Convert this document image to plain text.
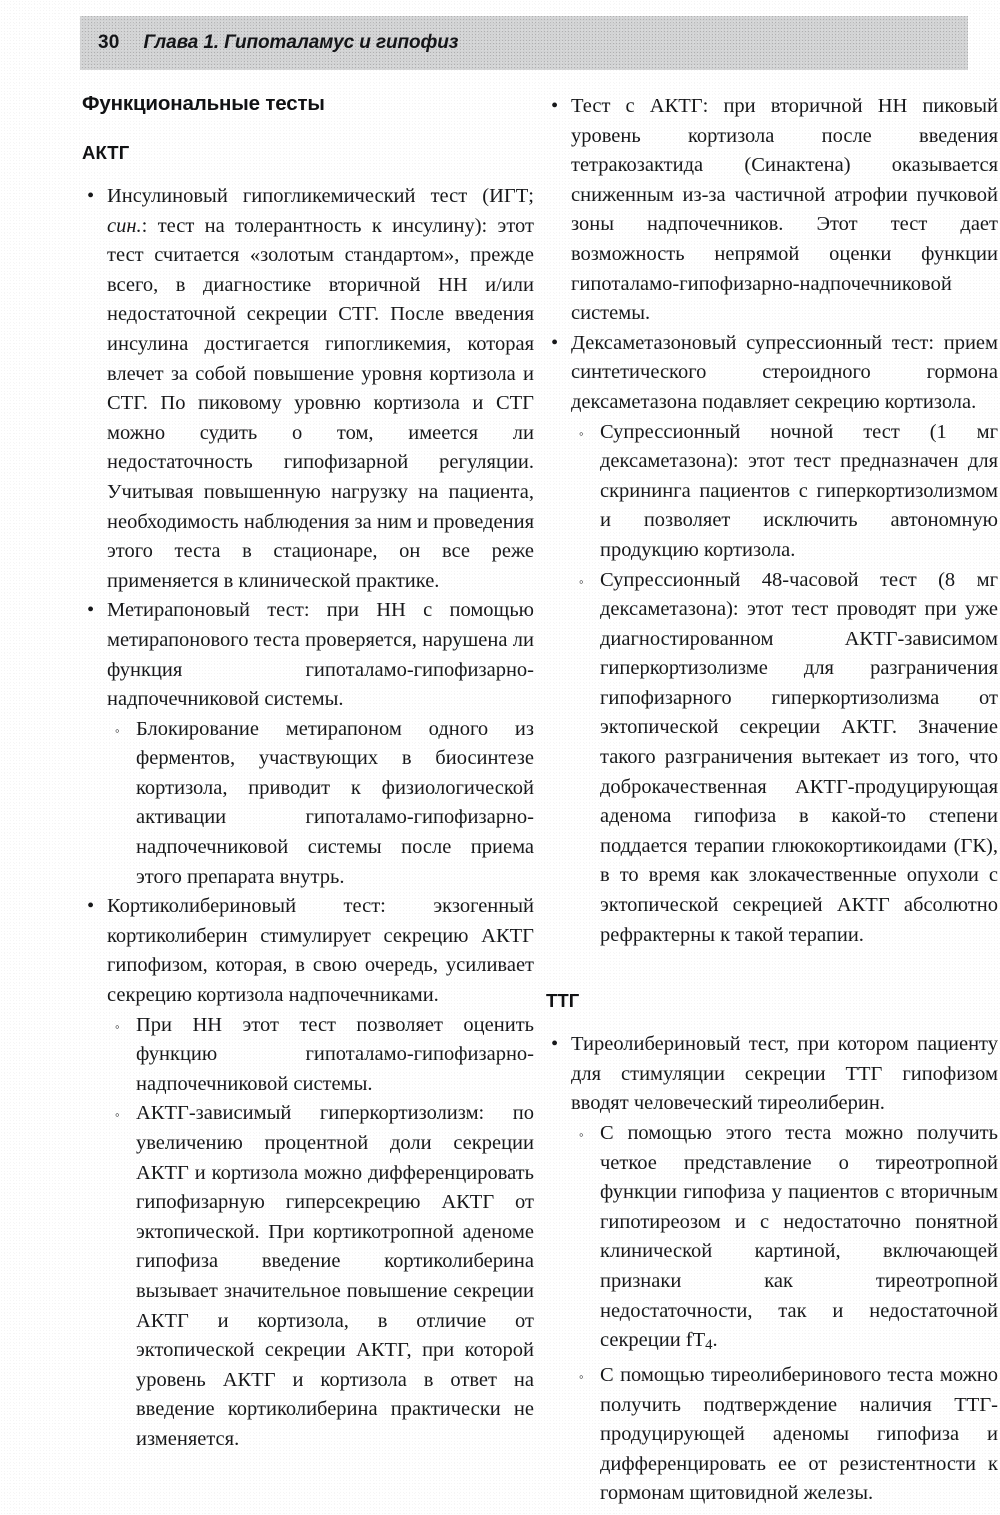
30 Глава 1. Гипоталамус и гипофиз
Функциональные тесты
АКТГ
• Инсулиновый гипогликемический тест (ИГТ; син.: тест на толерантность к инсулину): этот тест считается «золотым стандартом», прежде всего, в диагностике вторичной НН и/или недостаточной секреции СТГ. После введения инсулина достигается гипогликемия, которая влечет за собой повышение уровня кортизола и СТГ. По пиковому уровню кортизола и СТГ можно судить о том, имеется ли недостаточность гипофизарной регуляции. Учитывая повышенную нагрузку на пациента, необходимость наблюдения за ним и проведения этого теста в стационаре, он все реже применяется в клинической практике.

• Метирапоновый тест: при НН с помощью метирапонового теста проверяется, нарушена ли функция гипоталамо-гипофизарно-надпочечниковой системы.

◦ Блокирование метирапоном одного из ферментов, участвующих в биосинтезе кортизола, приводит к физиологической активации гипоталамо-гипофизарно-надпочечниковой системы после приема этого препарата внутрь.

• Кортиколибериновый тест: экзогенный кортиколиберин стимулирует секрецию АКТГ гипофизом, которая, в свою очередь, усиливает секрецию кортизола надпочечниками.

◦ При НН этот тест позволяет оценить функцию гипоталамо-гипофизарно-надпочечниковой системы.

◦ АКТГ-зависимый гиперкортизолизм: по увеличению процентной доли секреции АКТГ и кортизола можно дифференцировать гипофизарную гиперсекрецию АКТГ от эктопической. При кортикотропной аденоме гипофиза введение кортиколиберина вызывает значительное повышение секреции АКТГ и кортизола, в отличие от эктопической секреции АКТГ, при которой уровень АКТГ и кортизола в ответ на введение кортиколиберина практически не изменяется.

• Тест с АКТГ: при вторичной НН пиковый уровень кортизола после введения тетракозактида (Синактена) оказывается сниженным из-за частичной атрофии пучковой зоны надпочечников. Этот тест дает возможность непрямой оценки функции гипоталамо-гипофизарно-надпочечниковой системы.

• Дексаметазоновый супрессионный тест: прием синтетического стероидного гормона дексаметазона подавляет секрецию кортизола.

◦ Супрессионный ночной тест (1 мг дексаметазона): этот тест предназначен для скрининга пациентов с гиперкортизолизмом и позволяет исключить автономную продукцию кортизола.

◦ Супрессионный 48-часовой тест (8 мг дексаметазона): этот тест проводят при уже диагностированном АКТГ-зависимом гиперкортизолизме для разграничения гипофизарного гиперкортизолизма от эктопической секреции АКТГ. Значение такого разграничения вытекает из того, что доброкачественная АКТГ-продуцирующая аденома гипофиза в какой-то степени поддается терапии глюкокортикоидами (ГК), в то время как злокачественные опухоли с эктопической секрецией АКТГ абсолютно рефрактерны к такой терапии.

ТТГ
• Тиреолибериновый тест, при котором пациенту для стимуляции секреции ТТГ гипофизом вводят человеческий тиреолиберин.

◦ С помощью этого теста можно получить четкое представление о тиреотропной функции гипофиза у пациентов с вторичным гипотиреозом и с недостаточно понятной клинической картиной, включающей признаки как тиреотропной недостаточности, так и недостаточной секреции $fT_4$.

◦ С помощью тиреолиберинового теста можно получить подтверждение наличия ТТГ-продуцирующей аденомы гипофиза и дифференцировать ее от резистентности к гормонам щитовидной железы.
